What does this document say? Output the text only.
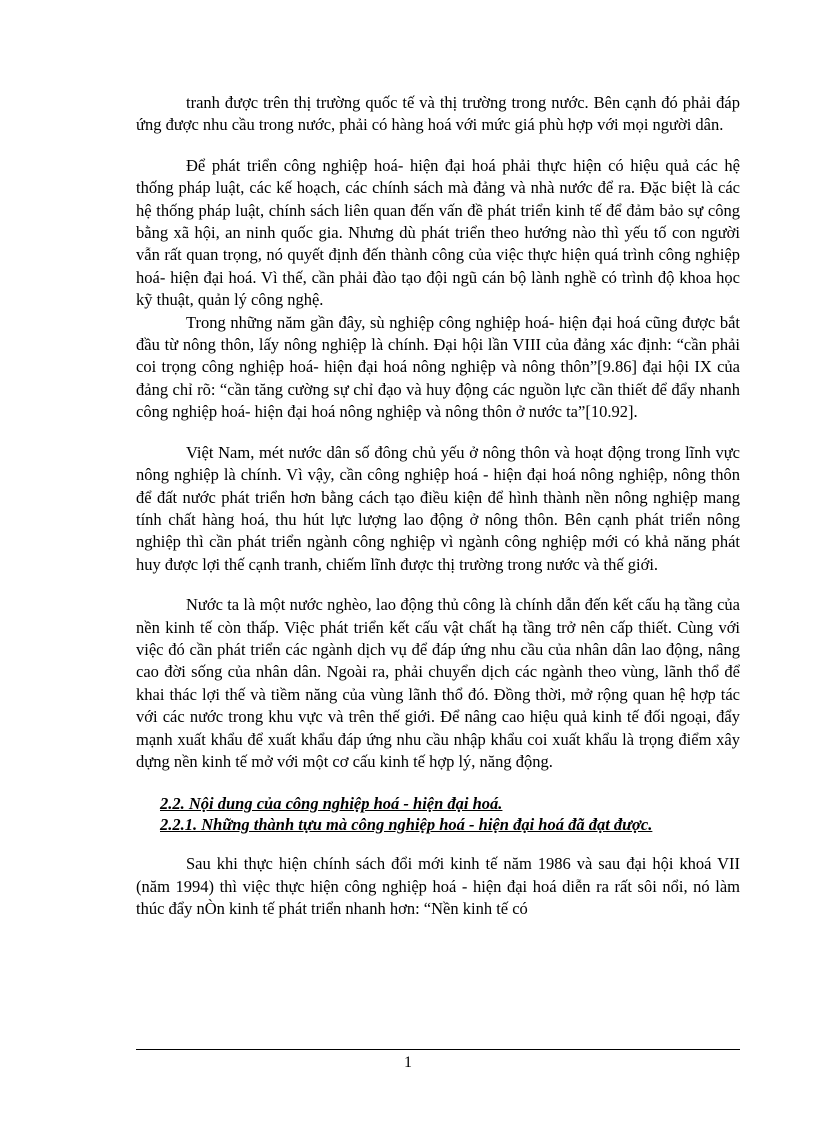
tranh được trên thị trường quốc tế và thị trường trong nước. Bên cạnh đó phải đáp ứng được nhu cầu trong nước, phải có hàng hoá với mức giá phù hợp với mọi người dân.

Để phát triển công nghiệp hoá- hiện đại hoá phải thực hiện có hiệu quả các hệ thống pháp luật, các kế hoạch, các chính sách mà đảng và nhà nước để ra. Đặc biệt là các hệ thống pháp luật, chính sách liên quan đến vấn đề phát triển kinh tế để đảm bảo sự công bằng xã hội, an ninh quốc gia. Nhưng dù phát triển theo hướng nào thì yếu tố con người vẫn rất quan trọng, nó quyết định đến thành công của việc thực hiện quá trình công nghiệp hoá- hiện đại hoá. Vì thế, cần phải đào tạo đội ngũ cán bộ lành nghề có trình độ khoa học kỹ thuật, quản lý công nghệ.

Trong những năm gần đây, sù nghiệp công nghiệp hoá- hiện đại hoá cũng được bắt đầu từ nông thôn, lấy nông nghiệp là chính. Đại hội lần VIII của đảng xác định: “cần phải coi trọng công nghiệp hoá- hiện đại hoá nông nghiệp và nông thôn”[9.86] đại hội IX của đảng chỉ rõ: “cần tăng cường sự chỉ đạo và huy động các nguồn lực cần thiết để đẩy nhanh công nghiệp hoá- hiện đại hoá nông nghiệp và nông thôn ở nước ta”[10.92].

Việt Nam, mét nước dân số đông chủ yếu ở nông thôn và hoạt động trong lĩnh vực nông nghiệp là chính. Vì vậy, cần công nghiệp hoá - hiện đại hoá nông nghiệp, nông thôn để đất nước phát triển hơn bằng cách tạo điều kiện để hình thành nền nông nghiệp mang tính chất hàng hoá, thu hút lực lượng lao động ở nông thôn. Bên cạnh phát triển nông nghiệp thì cần phát triển ngành công nghiệp vì ngành công nghiệp mới có khả năng phát huy được lợi thế cạnh tranh, chiếm lĩnh được thị trường trong nước và thế giới.

Nước ta là một nước nghèo, lao động thủ công là chính dẫn đến kết cấu hạ tầng của nền kinh tế còn thấp. Việc phát triển kết cấu vật chất hạ tầng trở nên cấp thiết. Cùng với việc đó cần phát triển các ngành dịch vụ để đáp ứng nhu cầu của nhân dân lao động, nâng cao đời sống của nhân dân. Ngoài ra, phải chuyển dịch các ngành theo vùng, lãnh thổ để khai thác lợi thế và tiềm năng của vùng lãnh thổ đó. Đồng thời, mở rộng quan hệ hợp tác với các nước trong khu vực và trên thế giới. Để nâng cao hiệu quả kinh tế đối ngoại, đẩy mạnh xuất khẩu để xuất khẩu đáp ứng nhu cầu nhập khẩu coi xuất khẩu là trọng điểm xây dựng nền kinh tế mở với một cơ cấu kinh tế hợp lý, năng động.

2.2. Nội dung của công nghiệp hoá - hiện đại hoá.

2.2.1. Những thành tựu mà công nghiệp hoá - hiện đại hoá đã đạt được.

Sau khi thực hiện chính sách đổi mới kinh tế năm 1986 và sau đại hội khoá VII (năm 1994) thì việc thực hiện công nghiệp hoá - hiện đại hoá diễn ra rất sôi nổi, nó làm thúc đẩy nÒn kinh tế phát triển nhanh hơn: “Nền kinh tế có

1
